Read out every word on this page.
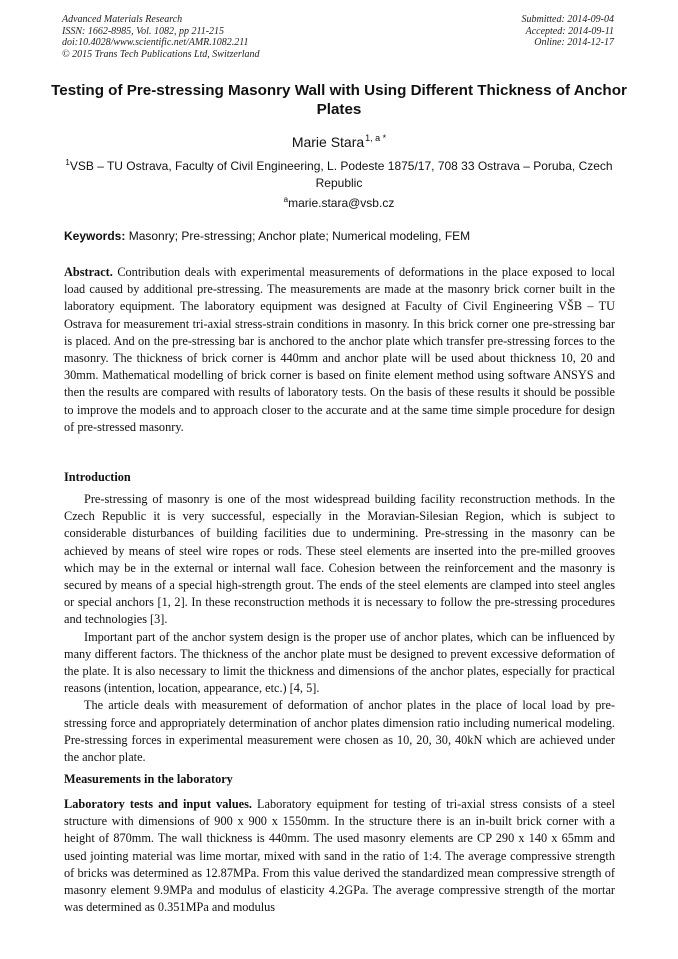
Advanced Materials Research
ISSN: 1662-8985, Vol. 1082, pp 211-215
doi:10.4028/www.scientific.net/AMR.1082.211
© 2015 Trans Tech Publications Ltd, Switzerland
Submitted: 2014-09-04
Accepted: 2014-09-11
Online: 2014-12-17
Testing of Pre-stressing Masonry Wall with Using Different Thickness of Anchor Plates
Marie Stara$^{1, a *}$
$^1$VSB – TU Ostrava, Faculty of Civil Engineering, L. Podeste 1875/17, 708 33 Ostrava – Poruba, Czech Republic
$^a$marie.stara@vsb.cz
Keywords: Masonry; Pre-stressing; Anchor plate; Numerical modeling, FEM
Abstract. Contribution deals with experimental measurements of deformations in the place exposed to local load caused by additional pre-stressing. The measurements are made at the masonry brick corner built in the laboratory equipment. The laboratory equipment was designed at Faculty of Civil Engineering VŠB – TU Ostrava for measurement tri-axial stress-strain conditions in masonry. In this brick corner one pre-stressing bar is placed. And on the pre-stressing bar is anchored to the anchor plate which transfer pre-stressing forces to the masonry. The thickness of brick corner is 440mm and anchor plate will be used about thickness 10, 20 and 30mm. Mathematical modelling of brick corner is based on finite element method using software ANSYS and then the results are compared with results of laboratory tests. On the basis of these results it should be possible to improve the models and to approach closer to the accurate and at the same time simple procedure for design of pre-stressed masonry.
Introduction

Pre-stressing of masonry is one of the most widespread building facility reconstruction methods. In the Czech Republic it is very successful, especially in the Moravian-Silesian Region, which is subject to considerable disturbances of building facilities due to undermining. Pre-stressing in the masonry can be achieved by means of steel wire ropes or rods. These steel elements are inserted into the pre-milled grooves which may be in the external or internal wall face. Cohesion between the reinforcement and the masonry is secured by means of a special high-strength grout. The ends of the steel elements are clamped into steel angles or special anchors [1, 2]. In these reconstruction methods it is necessary to follow the pre-stressing procedures and technologies [3].

Important part of the anchor system design is the proper use of anchor plates, which can be influenced by many different factors. The thickness of the anchor plate must be designed to prevent excessive deformation of the plate. It is also necessary to limit the thickness and dimensions of the anchor plates, especially for practical reasons (intention, location, appearance, etc.) [4, 5].

The article deals with measurement of deformation of anchor plates in the place of local load by pre-stressing force and appropriately determination of anchor plates dimension ratio including numerical modeling. Pre-stressing forces in experimental measurement were chosen as 10, 20, 30, 40kN which are achieved under the anchor plate.

Measurements in the laboratory

Laboratory tests and input values. Laboratory equipment for testing of tri-axial stress consists of a steel structure with dimensions of 900 x 900 x 1550mm. In the structure there is an in-built brick corner with a height of 870mm. The wall thickness is 440mm. The used masonry elements are CP 290 x 140 x 65mm and used jointing material was lime mortar, mixed with sand in the ratio of 1:4. The average compressive strength of bricks was determined as 12.87MPa. From this value derived the standardized mean compressive strength of masonry element 9.9MPa and modulus of elasticity 4.2GPa. The average compressive strength of the mortar was determined as 0.351MPa and modulus
